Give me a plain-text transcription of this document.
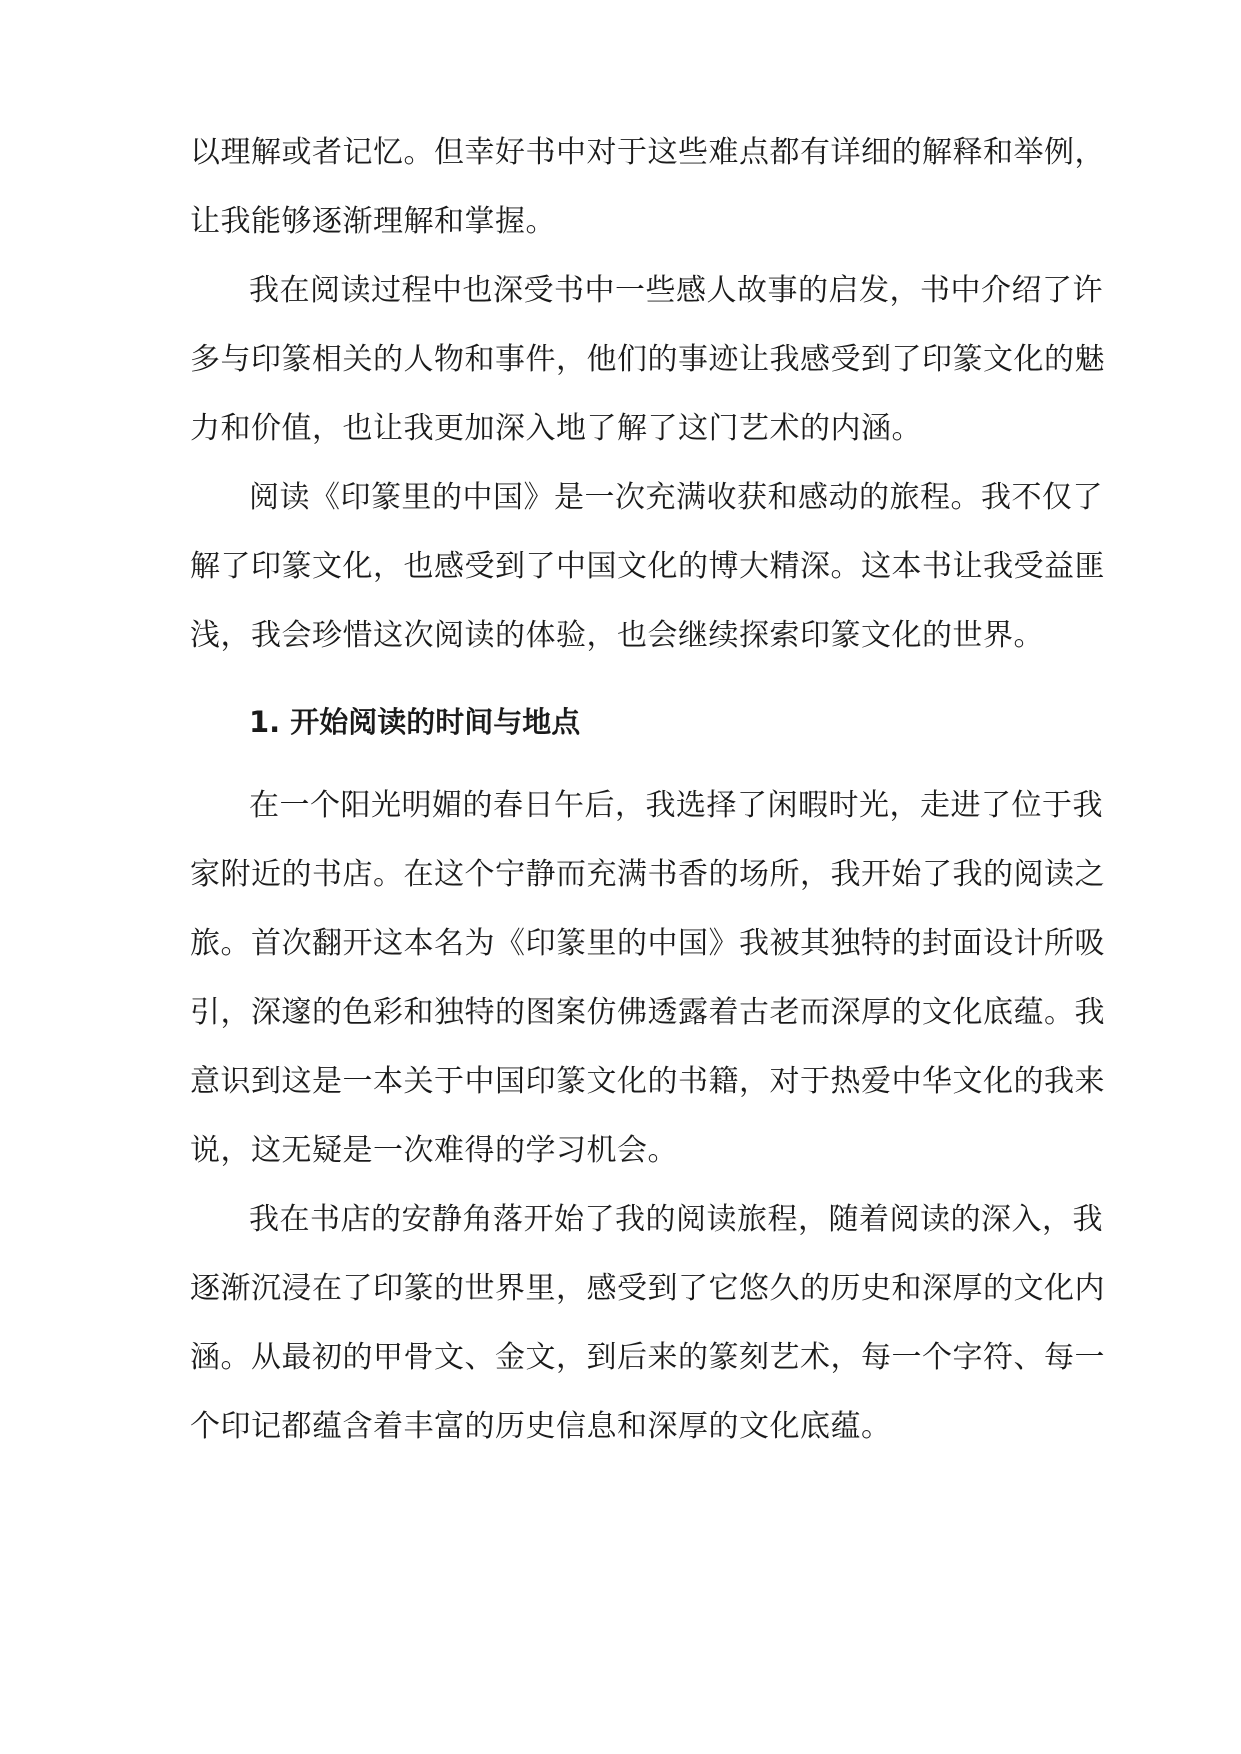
以理解或者记忆。但幸好书中对于这些难点都有详细的解释和举例，
让我能够逐渐理解和掌握。
我在阅读过程中也深受书中一些感人故事的启发，书中介绍了许
多与印篆相关的人物和事件，他们的事迹让我感受到了印篆文化的魅
力和价值，也让我更加深入地了解了这门艺术的内涵。
阅读《印篆里的中国》是一次充满收获和感动的旅程。我不仅了
解了印篆文化，也感受到了中国文化的博大精深。这本书让我受益匪
浅，我会珍惜这次阅读的体验，也会继续探索印篆文化的世界。
1. 开始阅读的时间与地点
在一个阳光明媚的春日午后，我选择了闲暇时光，走进了位于我
家附近的书店。在这个宁静而充满书香的场所，我开始了我的阅读之
旅。首次翻开这本名为《印篆里的中国》我被其独特的封面设计所吸
引，深邃的色彩和独特的图案仿佛透露着古老而深厚的文化底蕴。我
意识到这是一本关于中国印篆文化的书籍，对于热爱中华文化的我来
说，这无疑是一次难得的学习机会。
我在书店的安静角落开始了我的阅读旅程，随着阅读的深入，我
逐渐沉浸在了印篆的世界里，感受到了它悠久的历史和深厚的文化内
涵。从最初的甲骨文、金文，到后来的篆刻艺术，每一个字符、每一
个印记都蕴含着丰富的历史信息和深厚的文化底蕴。
